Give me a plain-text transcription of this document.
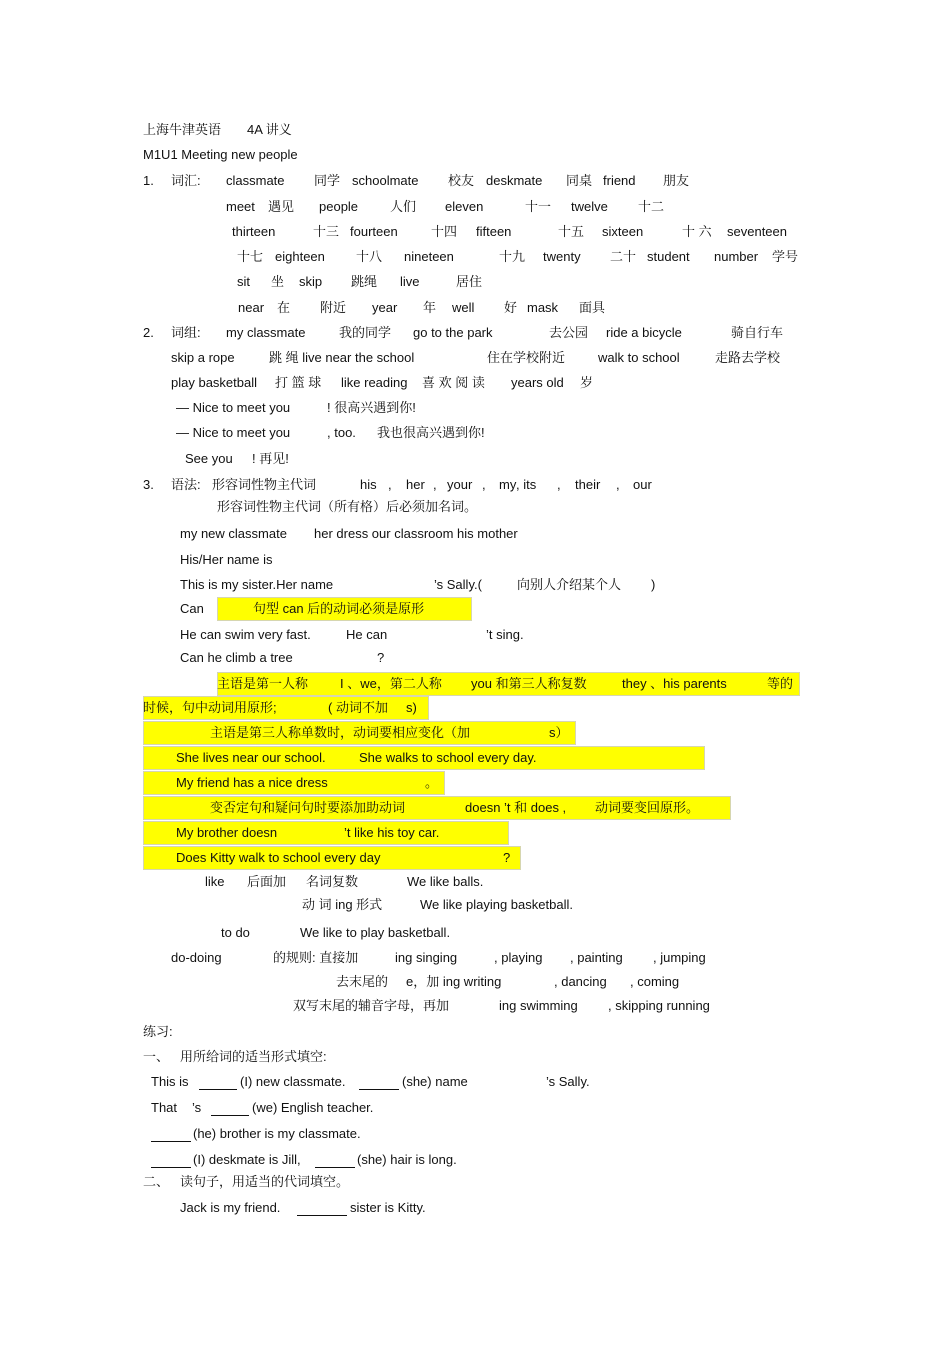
上海牛津英语 4A 讲义
M1U1 Meeting new people
1. 词汇: classmate 同学 schoolmate 校友 deskmate 同桌 friend 朋友
meet 遇见 people 人们 eleven	十一 twelve 十二
thirteen	十三 fourteen	十四 fifteen	十五 sixteen	十 六 seventeen
十七 eighteen 十八 nineteen	十九 twenty 二十 student number 学号
sit 坐 skip 跳绳 live	居住
near 在 附近 year 年 well 好 mask 面具
2. 词组: my classmate	我的同学 go to the park	去公园 ride a bicycle	骑自行车
skip a rope	跳 绳 live near the school	住在学校附近	walk to school	走路去学校
play basketball 打 篮 球 like reading 喜 欢 阅 读 years old 岁
— Nice to meet you	! 很高兴遇到你!
— Nice to meet you	, too. 我也很高兴遇到你!
See you ! 再见!
3. 语法: 形容词性物主代词	his , her , your , my , its , their , our
形容词性物主代词（所有格）后必须加名词。
my new classmate her dress our classroom his mother
His/Her name is
This is my sister.Her name	’s Sally.(	向别人介绍某个人 )
Can	句型 can 后的动词必须是原形
He can swim very fast.	He can	’t sing.
Can he climb a tree	?
主语是第一人称 I 、we，第二人称 you 和第三人称复数	they 、his parents	等的
时候，句中动词用原形;	( 动词不加 s)
主语是第三人称单数时，动词要相应变化（加	s）
She lives near our school.	She walks to school every day.
My friend has a nice dress	。
变否定句和疑问句时要添加助动词	doesn ’t 和 does , 动词要变回原形。
My brother doesn	’t like his toy car.
Does Kitty walk to school every day	?
like 后面加 名词复数	We like balls.
动 词 ing 形式	We like playing basketball.
to do	We like to play basketball.
do-doing	的规则: 直接加	ing singing	, playing , painting , jumping
去末尾的 e，加 ing writing	, dancing , coming
双写末尾的辅音字母，再加	ing swimming , skipping running
练习:
一、 用所给词的适当形式填空:
This is	(I) new classmate.	(she) name	’s Sally.
That ’s	(we) English teacher.
(he) brother is my classmate.
(I) deskmate is Jill,	(she) hair is long.
二、 读句子，用适当的代词填空。
Jack is my friend.	sister is Kitty.
